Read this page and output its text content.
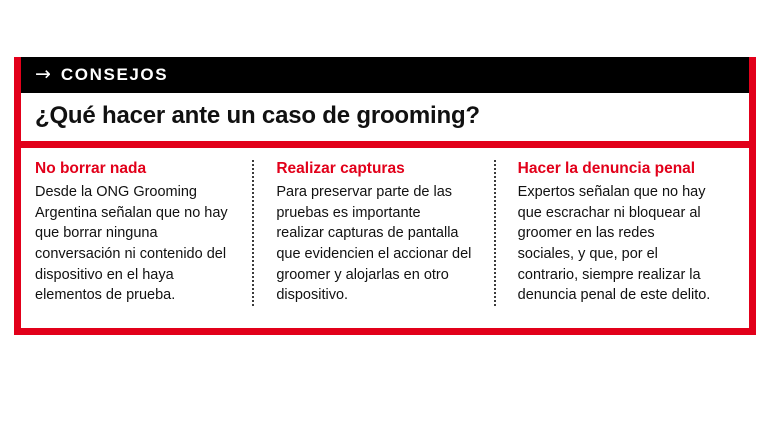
→ CONSEJOS
¿Qué hacer ante un caso de grooming?
No borrar nada
Desde la ONG Grooming Argentina señalan que no hay que borrar ninguna conversación ni contenido del dispositivo en el haya elementos de prueba.
Realizar capturas
Para preservar parte de las pruebas es importante realizar capturas de pantalla que evidencien el accionar del groomer y alojarlas en otro dispositivo.
Hacer la denuncia penal
Expertos señalan que no hay que escrachar ni bloquear al groomer en las redes sociales, y que, por el contrario, siempre realizar la denuncia penal de este delito.
